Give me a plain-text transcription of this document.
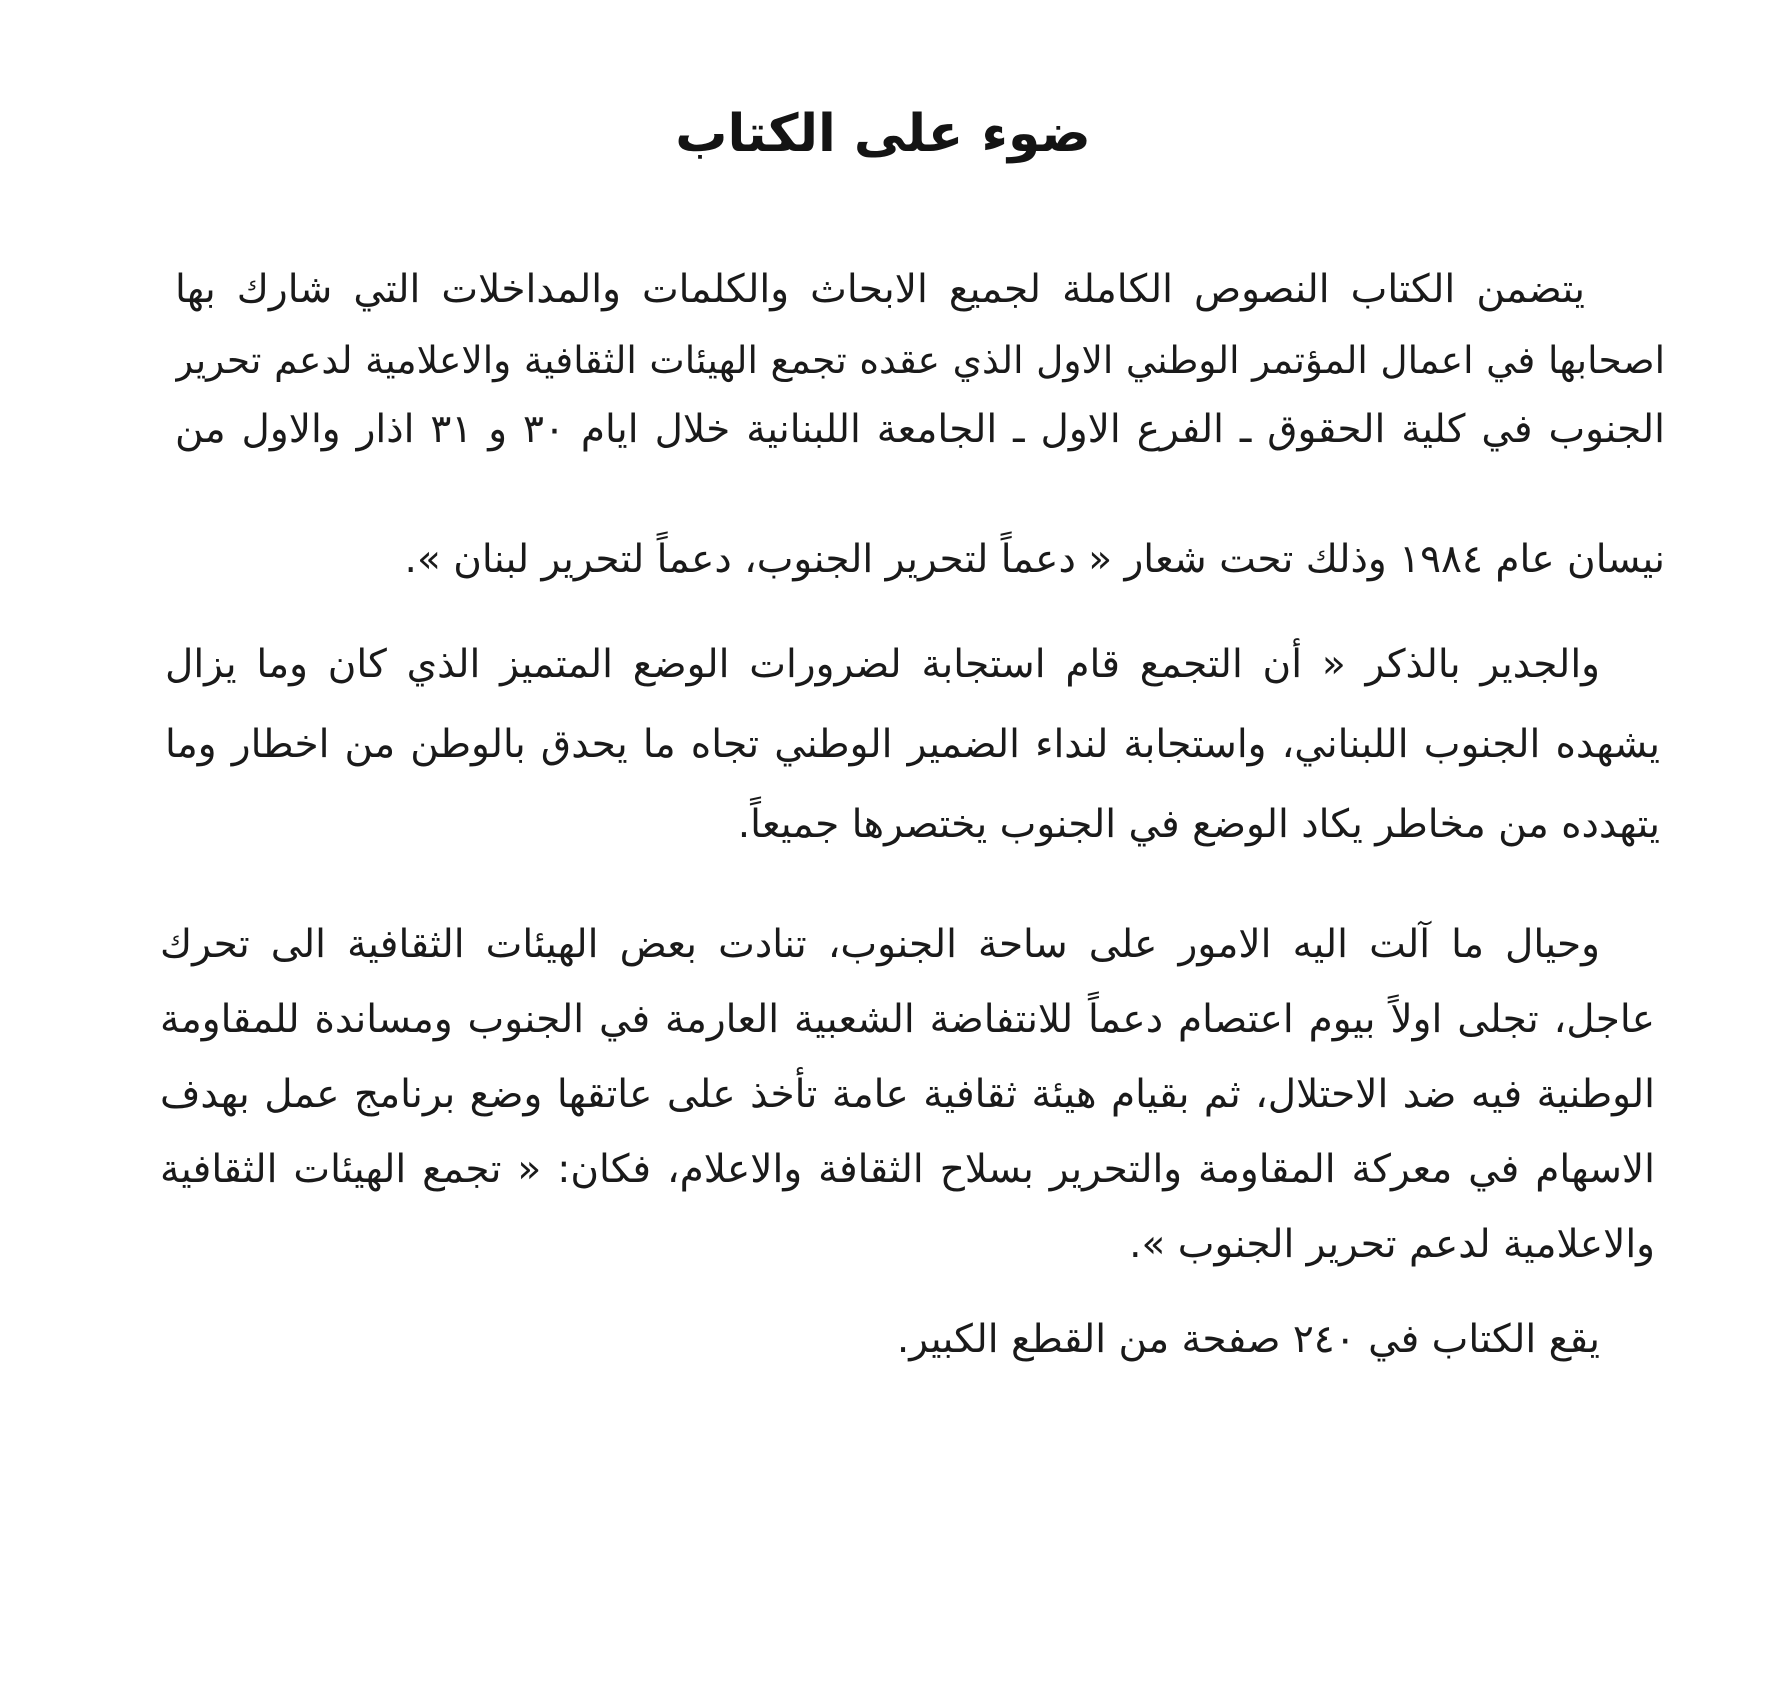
ضوء على الكتاب
يتضمن الكتاب النصوص الكاملة لجميع الابحاث والكلمات والمداخلات التي شارك بها
اصحابها في اعمال المؤتمر الوطني الاول الذي عقده تجمع الهيئات الثقافية والاعلامية لدعم تحرير
الجنوب في كلية الحقوق ـ الفرع الاول ـ الجامعة اللبنانية خلال ايام ٣٠ و ٣١ اذار والاول من
نيسان عام ١٩٨٤ وذلك تحت شعار « دعماً لتحرير الجنوب، دعماً لتحرير لبنان ».
والجدير بالذكر « أن التجمع قام استجابة لضرورات الوضع المتميز الذي كان وما يزال
يشهده الجنوب اللبناني، واستجابة لنداء الضمير الوطني تجاه ما يحدق بالوطن من اخطار وما
يتهدده من مخاطر يكاد الوضع في الجنوب يختصرها جميعاً.
وحيال ما آلت اليه الامور على ساحة الجنوب، تنادت بعض الهيئات الثقافية الى تحرك
عاجل، تجلى اولاً بيوم اعتصام دعماً للانتفاضة الشعبية العارمة في الجنوب ومساندة للمقاومة
الوطنية فيه ضد الاحتلال، ثم بقيام هيئة ثقافية عامة تأخذ على عاتقها وضع برنامج عمل بهدف
الاسهام في معركة المقاومة والتحرير بسلاح الثقافة والاعلام، فكان: « تجمع الهيئات الثقافية
والاعلامية لدعم تحرير الجنوب ».
يقع الكتاب في ٢٤٠ صفحة من القطع الكبير.
